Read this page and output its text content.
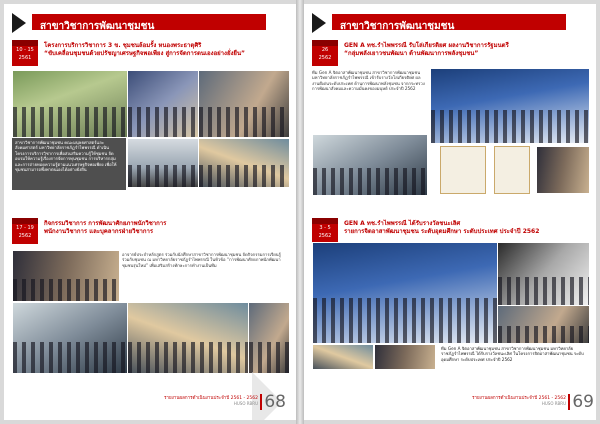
สาขาวิชาการพัฒนาชุมชน
10 - 15
2561
โครงการบริการวิชาการ 3 ข. ชุมชนล้อมรั้ง หนองพระธาตุศิริ
“ขับเคลื่อนชุมชนด้วยปรัชญาเศรษฐกิจพอเพียง สู่การจัดการตนเองอย่างยั่งยืน”
สาขาวิชาการพัฒนาชุมชน คณะมนุษยศาสตร์และสังคมศาสตร์ มหาวิทยาลัยราชภัฏรำไพพรรณี ดำเนินโครงการบริการวิชาการเพื่อส่งเสริมความรู้ให้ชุมชน จัดอบรมให้ความรู้เรื่องการจัดการทุนชุมชน การบริหารกลุ่ม และการถ่ายทอดความรู้ตามแนวเศรษฐกิจพอเพียง เพื่อให้ชุมชนสามารถพึ่งพาตนเองได้อย่างยั่งยืน
17 - 19
2562
กิจกรรมวิชาการ การพัฒนาศักยภาพนักวิชาการ
พนักงานวิชาการ และบุคลากรฝ่ายวิชาการ
อาจารย์ประจำหลักสูตร ร่วมกับนักศึกษาสาขาวิชาการพัฒนาชุมชน จัดกิจกรรมการเรียนรู้ร่วมกับชุมชน ณ มหาวิทยาลัยราชภัฏรำไพพรรณี ในหัวข้อ “การพัฒนาศักยภาพนักพัฒนาชุมชนรุ่นใหม่” เพื่อเสริมสร้างทักษะการทำงานเป็นทีม
รายงานผลการดำเนินงานประจำปี 2561 - 2562
HUSO RBRU 68
สาขาวิชาการพัฒนาชุมชน
26
2562
GEN A ทช.รำไพพรรณี รับโล่เกียรติยศ ผลงานวิชาการรัฐมนตรี
“กลุ่มพลังเยาวชนพัฒนา ด้านพัฒนาการพลังชุมชน”
ทีม Gen A จิตอาสาพัฒนาชุมชน สาขาวิชาการพัฒนาชุมชน มหาวิทยาลัยราชภัฏรำไพพรรณี เข้ารับรางวัลโล่เกียรติยศ ผลงานดีเด่นระดับประเทศ ด้านการพัฒนาพลังชุมชน จากกระทรวงการพัฒนาสังคมและความมั่นคงของมนุษย์ ประจำปี 2562
3 - 5
2562
GEN A ทช.รำไพพรรณี ได้รับรางวัลชนะเลิศ
รายการจิตอาสาพัฒนาชุมชน ระดับอุดมศึกษา ระดับประเทศ ประจำปี 2562
ทีม Gen A จิตอาสาพัฒนาชุมชน สาขาวิชาการพัฒนาชุมชน มหาวิทยาลัยราชภัฏรำไพพรรณี ได้รับรางวัลชนะเลิศ ในโครงการจิตอาสาพัฒนาชุมชน ระดับอุดมศึกษา ระดับประเทศ ประจำปี 2562
รายงานผลการดำเนินงานประจำปี 2561 - 2562
HUSO RBRU 69
